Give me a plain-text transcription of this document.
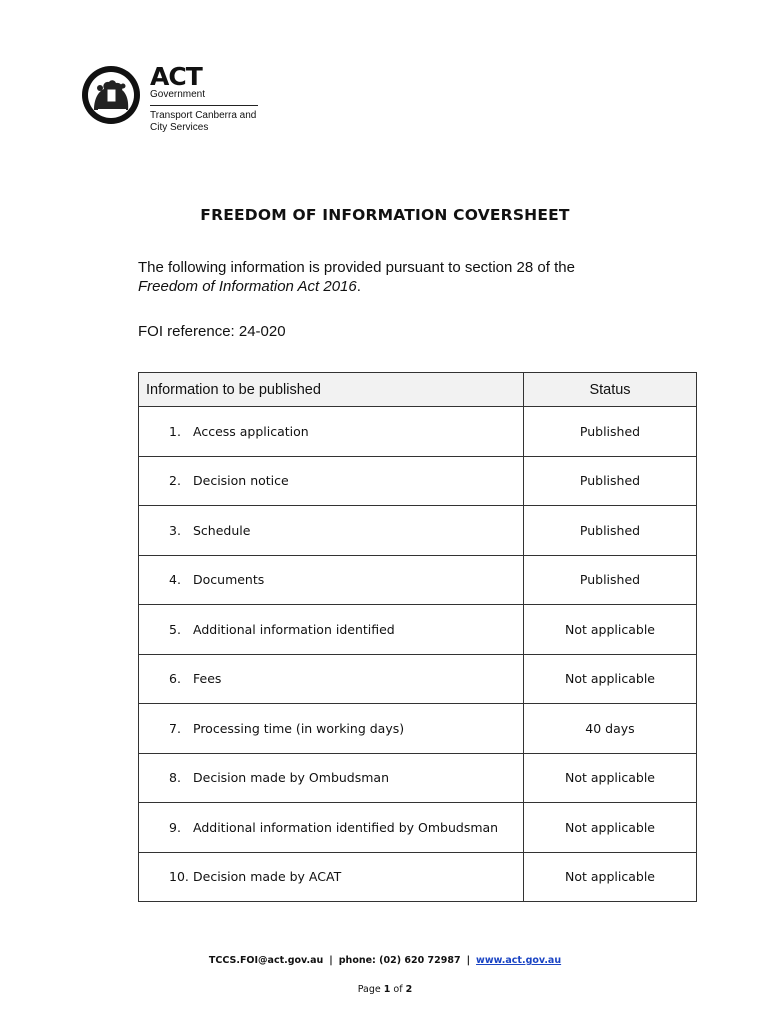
ACT
Government
Transport Canberra and
City Services
FREEDOM OF INFORMATION COVERSHEET
The following information is provided pursuant to section 28 of the
Freedom of Information Act 2016.
FOI reference: 24-020
Information to be published	Status
1. Access application	Published
2. Decision notice	Published
3. Schedule	Published
4. Documents	Published
5. Additional information identified	Not applicable
6. Fees	Not applicable
7. Processing time (in working days)	40 days
8. Decision made by Ombudsman	Not applicable
9. Additional information identified by Ombudsman	Not applicable
10. Decision made by ACAT	Not applicable
TCCS.FOI@act.gov.au | phone: (02) 620 72987 | www.act.gov.au
Page 1 of 2
